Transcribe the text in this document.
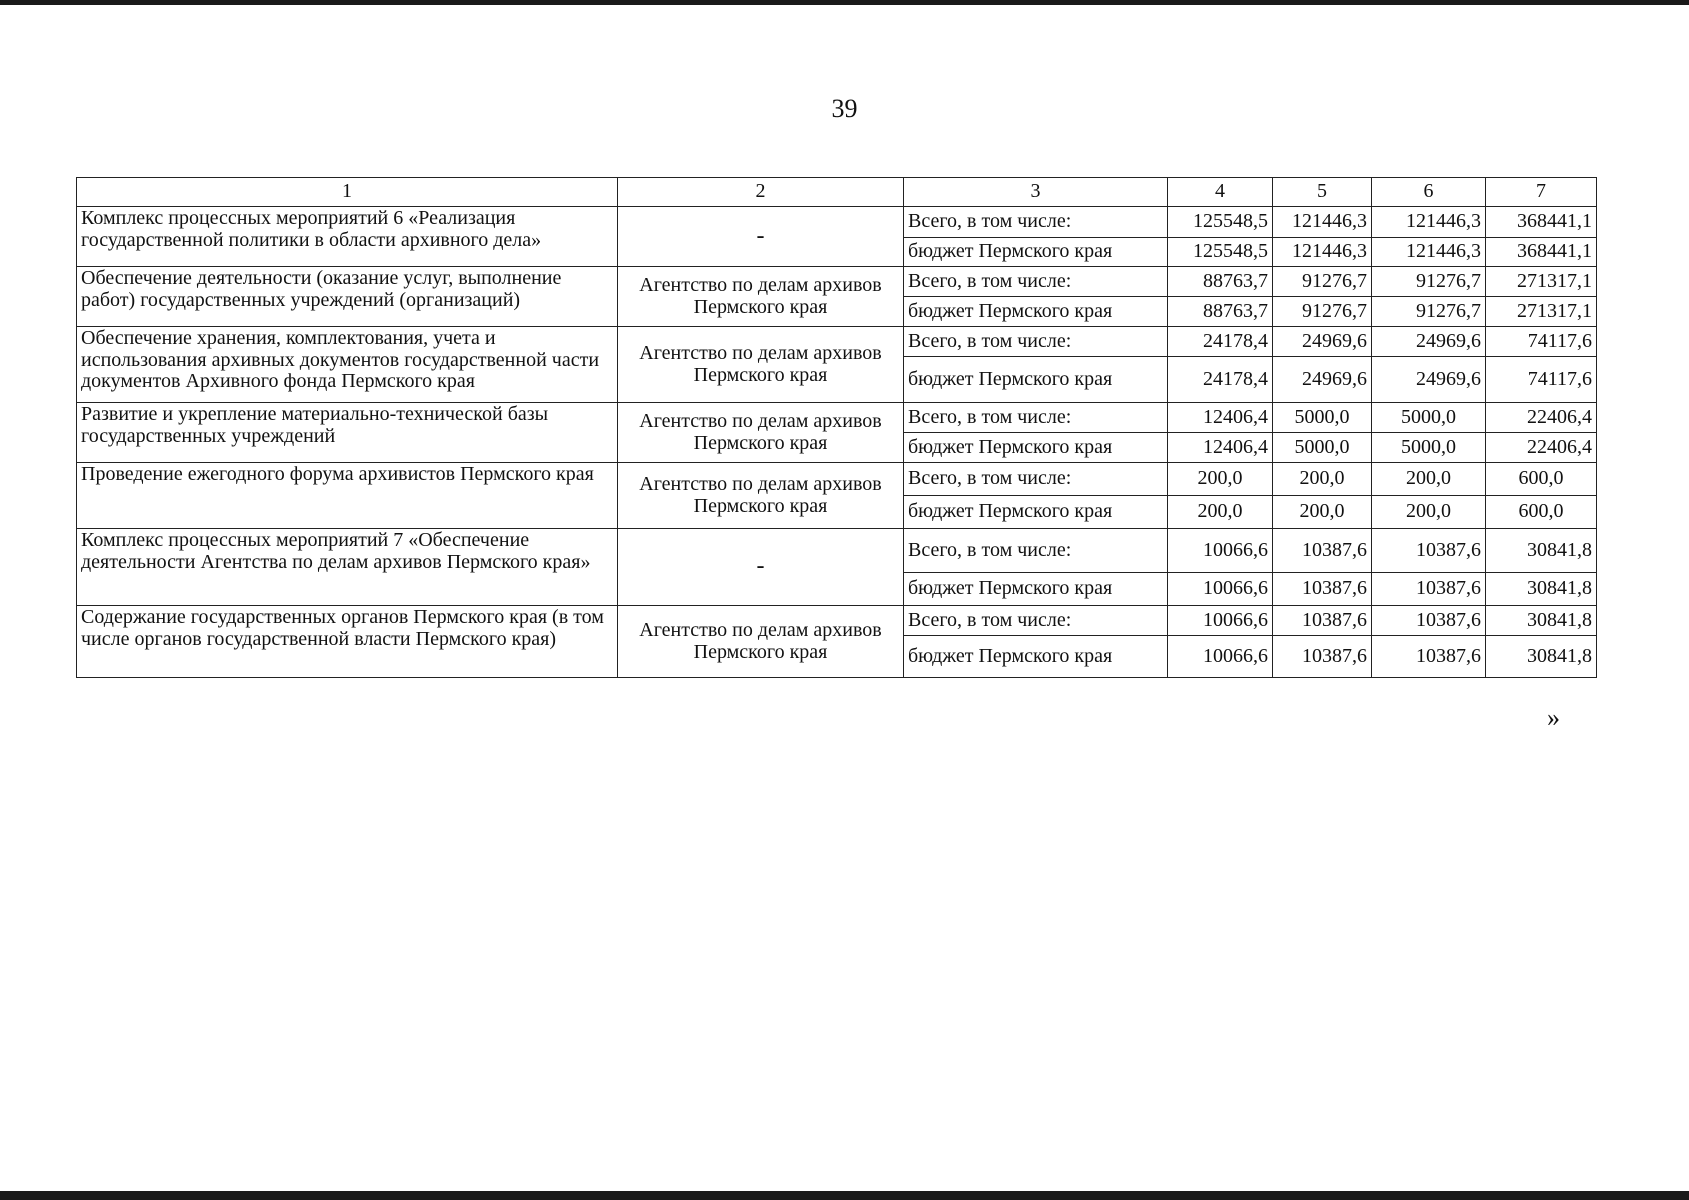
39
1	2	3	4	5	6	7
Комплекс процессных мероприятий 6 «Реализация государственной политики в области архивного дела»	-	Всего, в том числе:	125548,5	121446,3	121446,3	368441,1
		бюджет Пермского края	125548,5	121446,3	121446,3	368441,1
Обеспечение деятельности (оказание услуг, выполнение работ) государственных учреждений (организаций)	Агентство по делам архивов Пермского края	Всего, в том числе:	88763,7	91276,7	91276,7	271317,1
		бюджет Пермского края	88763,7	91276,7	91276,7	271317,1
Обеспечение хранения, комплектования, учета и использования архивных документов государственной части документов Архивного фонда Пермского края	Агентство по делам архивов Пермского края	Всего, в том числе:	24178,4	24969,6	24969,6	74117,6
		бюджет Пермского края	24178,4	24969,6	24969,6	74117,6
Развитие и укрепление материально-технической базы государственных учреждений	Агентство по делам архивов Пермского края	Всего, в том числе:	12406,4	5000,0	5000,0	22406,4
		бюджет Пермского края	12406,4	5000,0	5000,0	22406,4
Проведение ежегодного форума архивистов Пермского края	Агентство по делам архивов Пермского края	Всего, в том числе:	200,0	200,0	200,0	600,0
		бюджет Пермского края	200,0	200,0	200,0	600,0
Комплекс процессных мероприятий 7 «Обеспечение деятельности Агентства по делам архивов Пермского края»	-	Всего, в том числе:	10066,6	10387,6	10387,6	30841,8
		бюджет Пермского края	10066,6	10387,6	10387,6	30841,8
Содержание государственных органов Пермского края (в том числе органов государственной власти Пермского края)	Агентство по делам архивов Пермского края	Всего, в том числе:	10066,6	10387,6	10387,6	30841,8
		бюджет Пермского края	10066,6	10387,6	10387,6	30841,8
»
